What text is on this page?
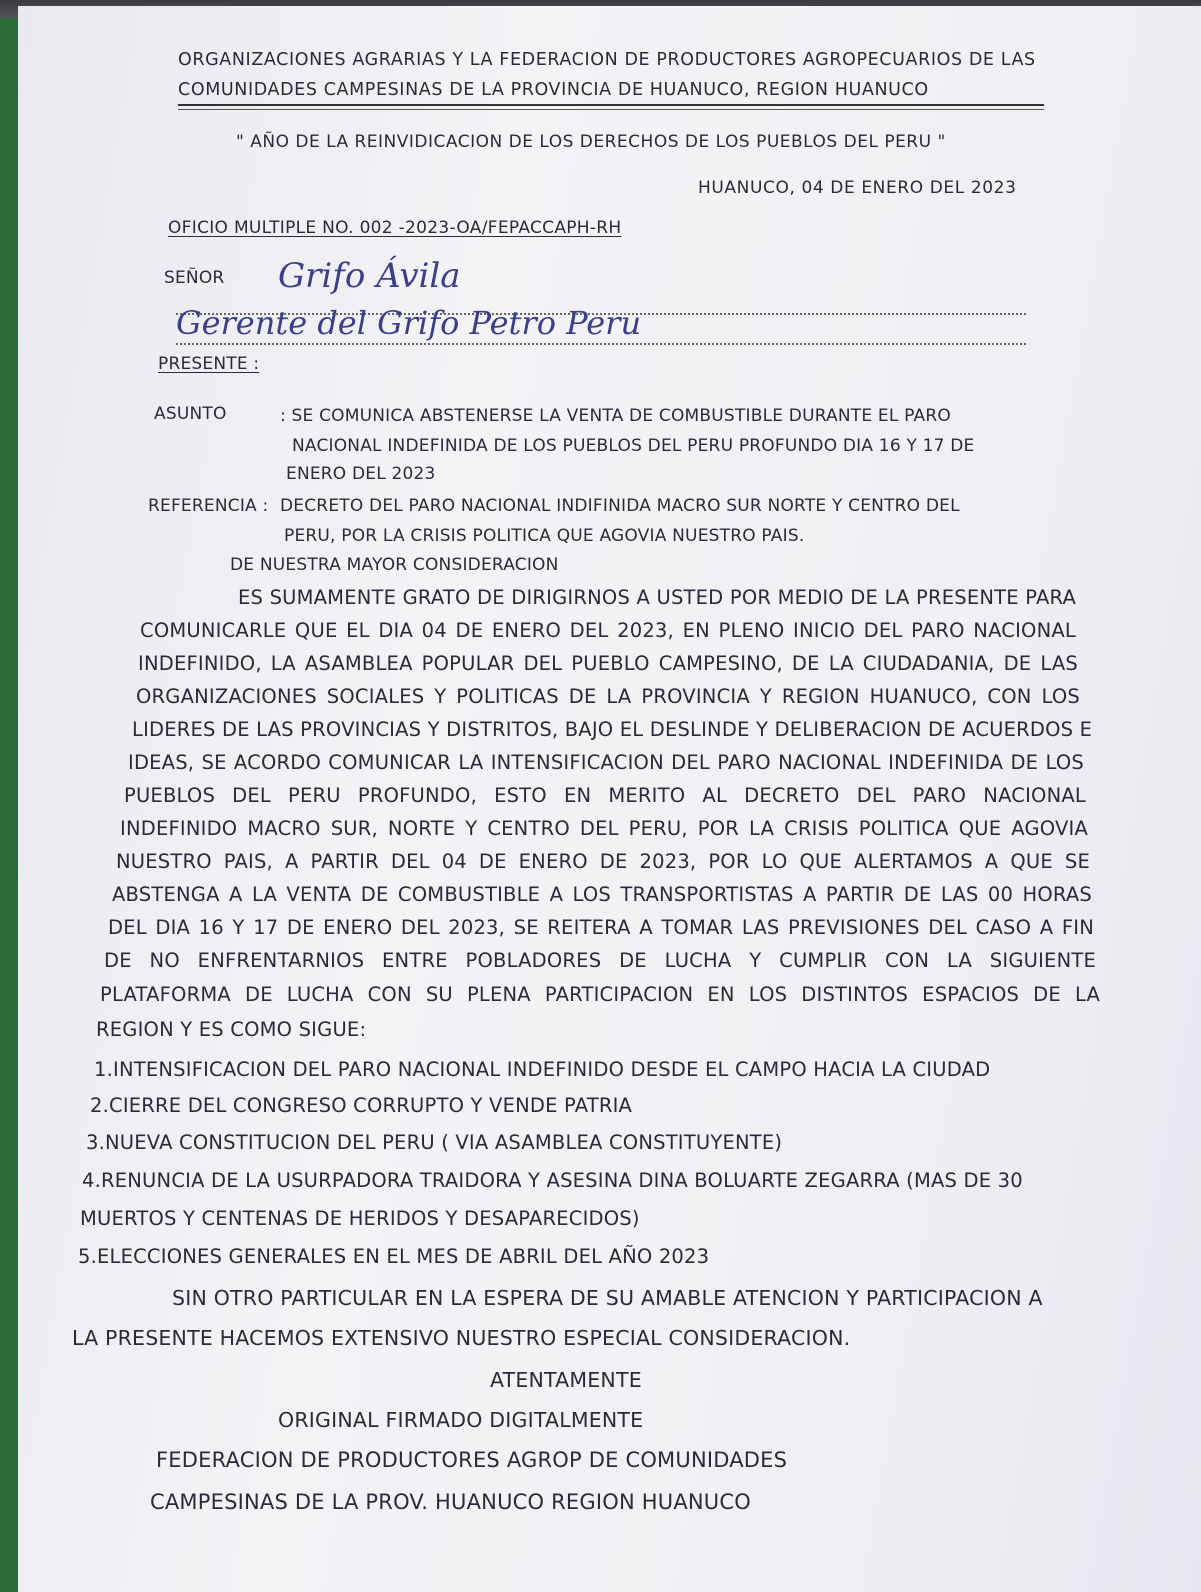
ORGANIZACIONES AGRARIAS Y LA FEDERACION DE PRODUCTORES AGROPECUARIOS DE LAS
COMUNIDADES CAMPESINAS DE LA PROVINCIA DE HUANUCO, REGION HUANUCO
" AÑO DE LA REINVIDICACION DE LOS DERECHOS DE LOS PUEBLOS DEL PERU "
HUANUCO, 04 DE ENERO DEL 2023
OFICIO MULTIPLE NO. 002 -2023-OA/FEPACCAPH-RH
SEÑOR Grifo Ávila
Gerente del Grifo Petro Peru
PRESENTE :
ASUNTO	: SE COMUNICA ABSTENERSE LA VENTA DE COMBUSTIBLE DURANTE EL PARO
NACIONAL INDEFINIDA DE LOS PUEBLOS DEL PERU PROFUNDO DIA 16 Y 17 DE
ENERO DEL 2023
REFERENCIA : DECRETO DEL PARO NACIONAL INDIFINIDA MACRO SUR NORTE Y CENTRO DEL
PERU, POR LA CRISIS POLITICA QUE AGOVIA NUESTRO PAIS.
DE NUESTRA MAYOR CONSIDERACION
ES SUMAMENTE GRATO DE DIRIGIRNOS A USTED POR MEDIO DE LA PRESENTE PARA
COMUNICARLE QUE EL DIA 04 DE ENERO DEL 2023, EN PLENO INICIO DEL PARO NACIONAL
INDEFINIDO, LA ASAMBLEA POPULAR DEL PUEBLO CAMPESINO, DE LA CIUDADANIA, DE LAS
ORGANIZACIONES SOCIALES Y POLITICAS DE LA PROVINCIA Y REGION HUANUCO, CON LOS
LIDERES DE LAS PROVINCIAS Y DISTRITOS, BAJO EL DESLINDE Y DELIBERACION DE ACUERDOS E
IDEAS, SE ACORDO COMUNICAR LA INTENSIFICACION DEL PARO NACIONAL INDEFINIDA DE LOS
PUEBLOS DEL PERU PROFUNDO, ESTO EN MERITO AL DECRETO DEL PARO NACIONAL
INDEFINIDO MACRO SUR, NORTE Y CENTRO DEL PERU, POR LA CRISIS POLITICA QUE AGOVIA
NUESTRO PAIS, A PARTIR DEL 04 DE ENERO DE 2023, POR LO QUE ALERTAMOS A QUE SE
ABSTENGA A LA VENTA DE COMBUSTIBLE A LOS TRANSPORTISTAS A PARTIR DE LAS 00 HORAS
DEL DIA 16 Y 17 DE ENERO DEL 2023, SE REITERA A TOMAR LAS PREVISIONES DEL CASO A FIN
DE NO ENFRENTARNIOS ENTRE POBLADORES DE LUCHA Y CUMPLIR CON LA SIGUIENTE
PLATAFORMA DE LUCHA CON SU PLENA PARTICIPACION EN LOS DISTINTOS ESPACIOS DE LA
REGION Y ES COMO SIGUE:
1.INTENSIFICACION DEL PARO NACIONAL INDEFINIDO DESDE EL CAMPO HACIA LA CIUDAD
2.CIERRE DEL CONGRESO CORRUPTO Y VENDE PATRIA
3.NUEVA CONSTITUCION DEL PERU ( VIA ASAMBLEA CONSTITUYENTE)
4.RENUNCIA DE LA USURPADORA TRAIDORA Y ASESINA DINA BOLUARTE ZEGARRA (MAS DE 30
MUERTOS Y CENTENAS DE HERIDOS Y DESAPARECIDOS)
5.ELECCIONES GENERALES EN EL MES DE ABRIL DEL AÑO 2023
SIN OTRO PARTICULAR EN LA ESPERA DE SU AMABLE ATENCION Y PARTICIPACION A
LA PRESENTE HACEMOS EXTENSIVO NUESTRO ESPECIAL CONSIDERACION.
ATENTAMENTE
ORIGINAL FIRMADO DIGITALMENTE
FEDERACION DE PRODUCTORES AGROP DE COMUNIDADES
CAMPESINAS DE LA PROV. HUANUCO REGION HUANUCO
